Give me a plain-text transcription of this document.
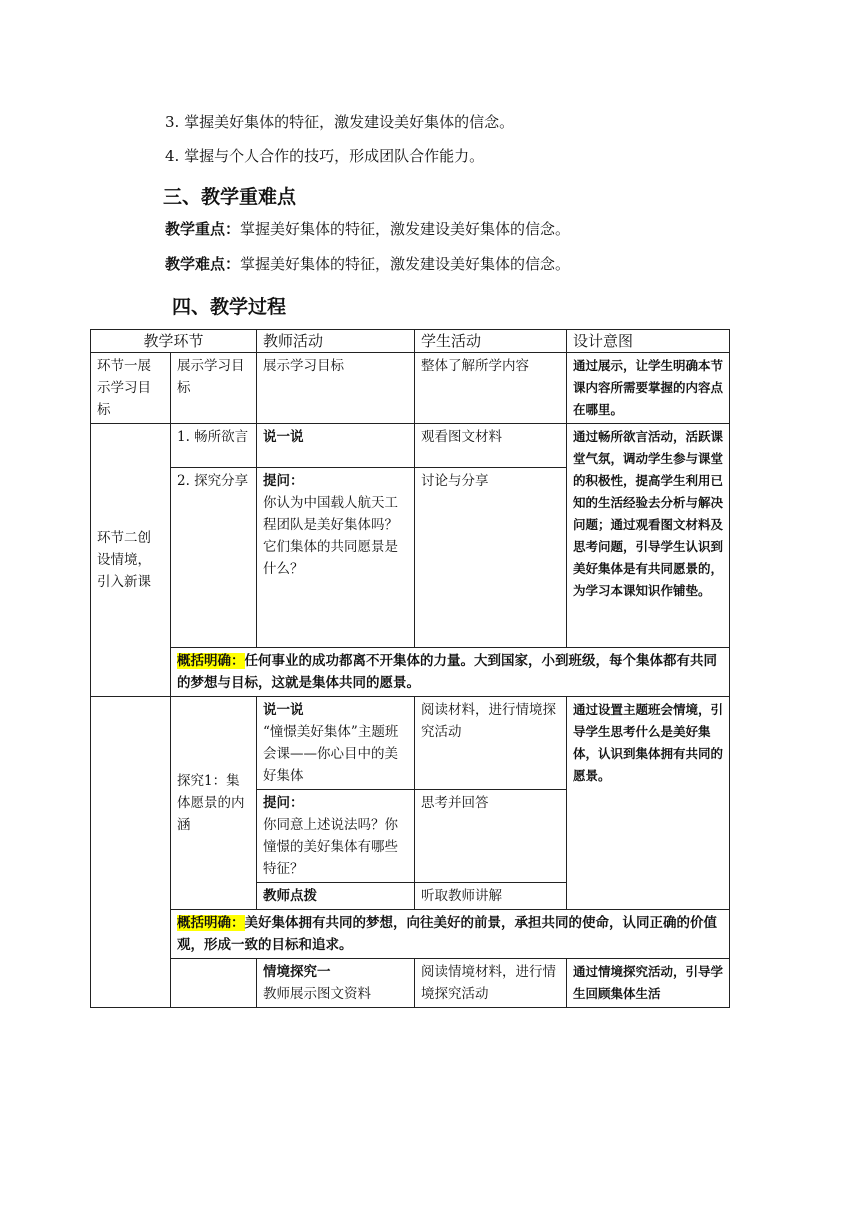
3. 掌握美好集体的特征，激发建设美好集体的信念。
4. 掌握与个人合作的技巧，形成团队合作能力。
三、教学重难点
教学重点：掌握美好集体的特征，激发建设美好集体的信念。
教学难点：掌握美好集体的特征，激发建设美好集体的信念。
四、教学过程
教学环节		教师活动	学生活动	设计意图
环节一展示学习目标	展示学习目标	展示学习目标	整体了解所学内容	通过展示，让学生明确本节课内容所需要掌握的内容点在哪里。
环节二创设情境，引入新课	1. 畅所欲言	说一说	观看图文材料	通过畅所欲言活动，活跃课堂气氛，调动学生参与课堂的积极性，提高学生利用已知的生活经验去分析与解决问题；通过观看图文材料及思考问题，引导学生认识到美好集体是有共同愿景的，为学习本课知识作铺垫。
	2. 探究分享	提问：
你认为中国载人航天工程团队是美好集体吗？它们集体的共同愿景是什么？	讨论与分享	
	概括明确：任何事业的成功都离不开集体的力量。大到国家，小到班级，每个集体都有共同的梦想与目标，这就是集体共同的愿景。			
	探究1：集体愿景的内涵	说一说
“憧憬美好集体”主题班会课——你心目中的美好集体	阅读材料，进行情境探究活动	通过设置主题班会情境，引导学生思考什么是美好集体，认识到集体拥有共同的愿景。

		提问：
你同意上述说法吗？你憧憬的美好集体有哪些特征？	思考并回答	
		教师点拨	听取教师讲解	
	概括明确：美好集体拥有共同的梦想，向往美好的前景，承担共同的使命，认同正确的价值观，形成一致的目标和追求。			

		情境探究一
教师展示图文资料	阅读情境材料，进行情境探究活动	通过情境探究活动，引导学生回顾集体生活
